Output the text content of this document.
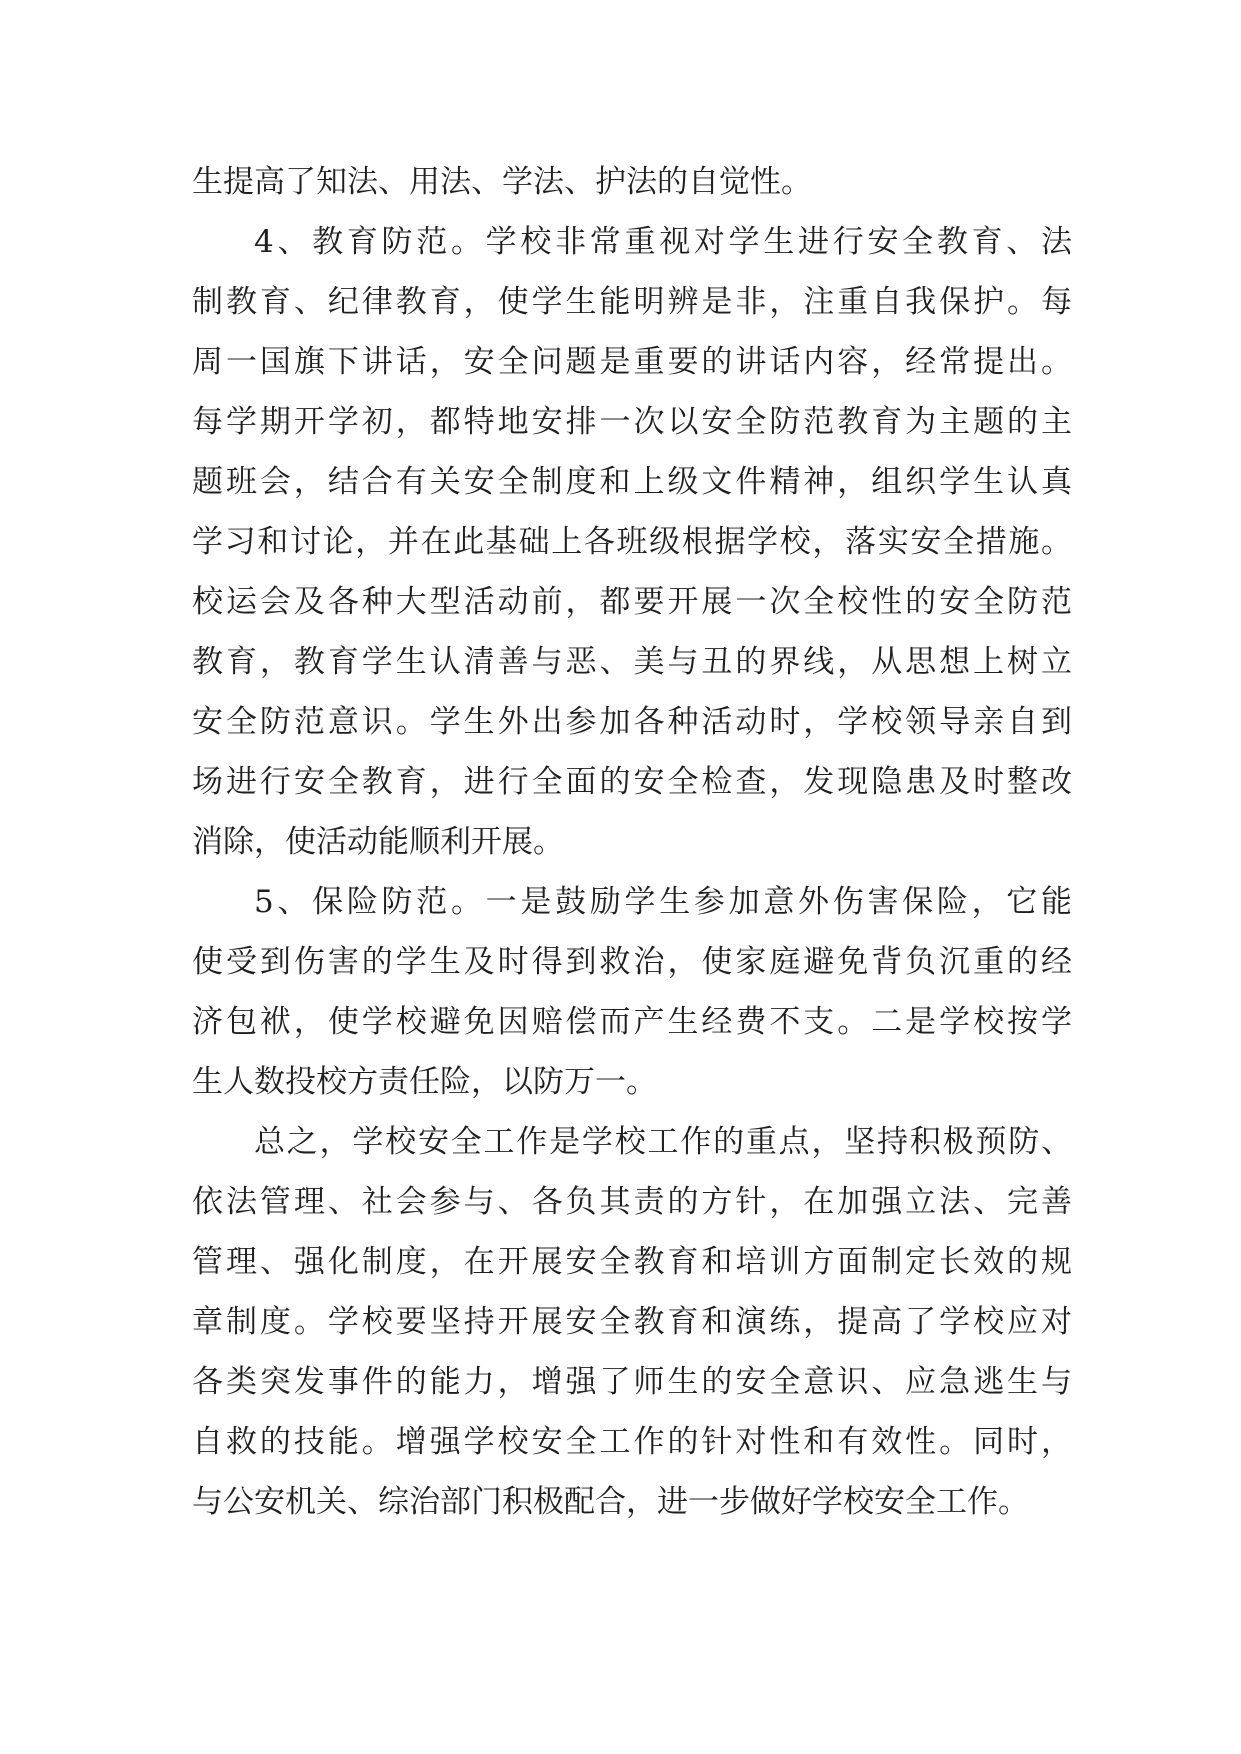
生提高了知法、用法、学法、护法的自觉性。
4、教育防范。学校非常重视对学生进行安全教育、法
制教育、纪律教育，使学生能明辨是非，注重自我保护。每
周一国旗下讲话，安全问题是重要的讲话内容，经常提出。
每学期开学初，都特地安排一次以安全防范教育为主题的主
题班会，结合有关安全制度和上级文件精神，组织学生认真
学习和讨论，并在此基础上各班级根据学校，落实安全措施。
校运会及各种大型活动前，都要开展一次全校性的安全防范
教育，教育学生认清善与恶、美与丑的界线，从思想上树立
安全防范意识。学生外出参加各种活动时，学校领导亲自到
场进行安全教育，进行全面的安全检查，发现隐患及时整改
消除，使活动能顺利开展。
5、保险防范。一是鼓励学生参加意外伤害保险，它能
使受到伤害的学生及时得到救治，使家庭避免背负沉重的经
济包袱，使学校避免因赔偿而产生经费不支。二是学校按学
生人数投校方责任险，以防万一。
总之，学校安全工作是学校工作的重点，坚持积极预防、
依法管理、社会参与、各负其责的方针，在加强立法、完善
管理、强化制度，在开展安全教育和培训方面制定长效的规
章制度。学校要坚持开展安全教育和演练，提高了学校应对
各类突发事件的能力，增强了师生的安全意识、应急逃生与
自救的技能。增强学校安全工作的针对性和有效性。同时，
与公安机关、综治部门积极配合，进一步做好学校安全工作。
